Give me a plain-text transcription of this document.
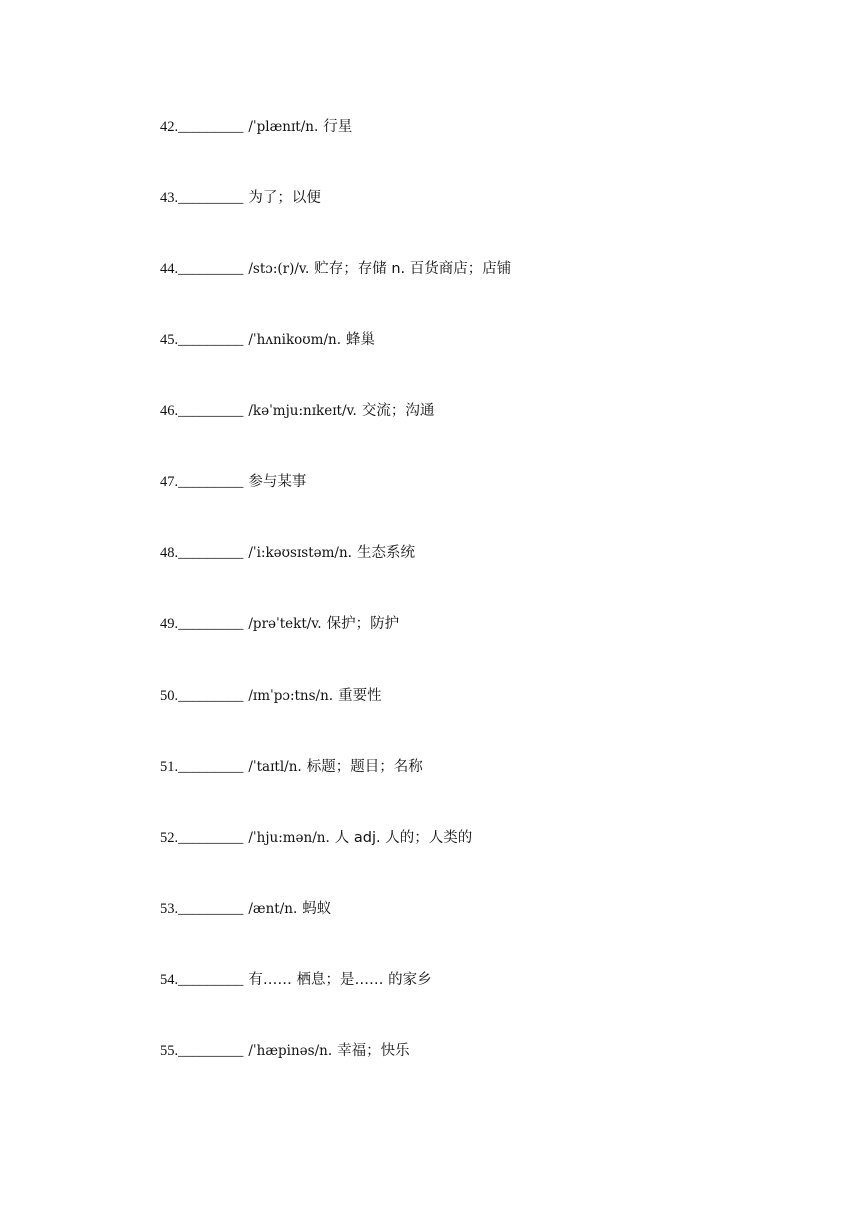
42._________ /ˈplænɪt/n. 行星
43._________ 为了；以便
44._________ /stɔ:(r)/v. 贮存；存储 n. 百货商店；店铺
45._________ /ˈhʌnikoʊm/n. 蜂巢
46._________ /kəˈmju:nɪkeɪt/v. 交流；沟通
47._________ 参与某事
48._________ /ˈi:kəʊsɪstəm/n. 生态系统
49._________ /prəˈtekt/v. 保护；防护
50._________ /ɪmˈpɔ:tns/n. 重要性
51._________ /ˈtaɪtl/n. 标题；题目；名称
52._________ /ˈhju:mən/n. 人 adj. 人的；人类的
53._________ /ænt/n. 蚂蚁
54._________ 有…… 栖息；是…… 的家乡
55._________ /ˈhæpinəs/n. 幸福；快乐
